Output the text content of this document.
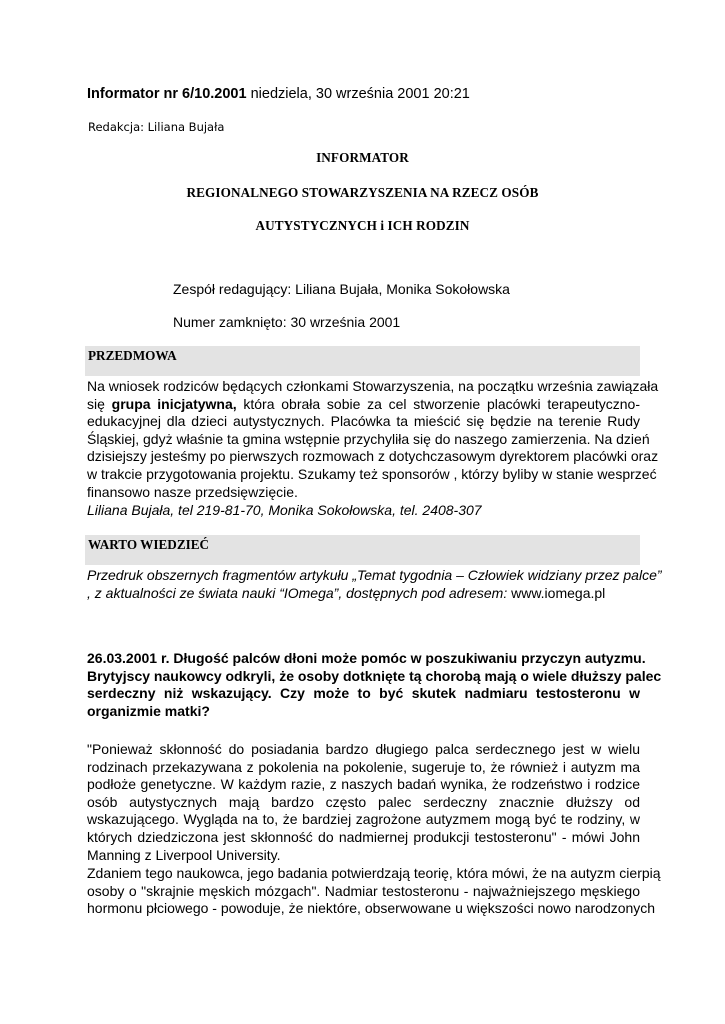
Informator nr 6/10.2001 niedziela, 30 września 2001 20:21
Redakcja: Liliana Bujała
INFORMATOR
REGIONALNEGO STOWARZYSZENIA NA RZECZ OSÓB
AUTYSTYCZNYCH i ICH RODZIN
Zespół redagujący: Liliana Bujała, Monika Sokołowska
Numer zamknięto: 30 września 2001
PRZEDMOWA
Na wniosek rodziców będących członkami Stowarzyszenia, na początku września zawiązała
się grupa inicjatywna, która obrała sobie za cel stworzenie placówki terapeutyczno-
edukacyjnej dla dzieci autystycznych. Placówka ta mieścić się będzie na terenie Rudy
Śląskiej, gdyż właśnie ta gmina wstępnie przychyliła się do naszego zamierzenia. Na dzień
dzisiejszy jesteśmy po pierwszych rozmowach z dotychczasowym dyrektorem placówki oraz
w trakcie przygotowania projektu. Szukamy też sponsorów , którzy byliby w stanie wesprzeć
finansowo nasze przedsięwzięcie.
Liliana Bujała, tel 219-81-70, Monika Sokołowska, tel. 2408-307
WARTO WIEDZIEĆ
Przedruk obszernych fragmentów artykułu „Temat tygodnia – Człowiek widziany przez palce”
, z aktualności ze świata nauki “IOmega”, dostępnych pod adresem: www.iomega.pl
26.03.2001 r. Długość palców dłoni może pomóc w poszukiwaniu przyczyn autyzmu.
Brytyjscy naukowcy odkryli, że osoby dotknięte tą chorobą mają o wiele dłuższy palec
serdeczny niż wskazujący. Czy może to być skutek nadmiaru testosteronu w
organizmie matki?
"Ponieważ skłonność do posiadania bardzo długiego palca serdecznego jest w wielu
rodzinach przekazywana z pokolenia na pokolenie, sugeruje to, że również i autyzm ma
podłoże genetyczne. W każdym razie, z naszych badań wynika, że rodzeństwo i rodzice
osób autystycznych mają bardzo często palec serdeczny znacznie dłuższy od
wskazującego. Wygląda na to, że bardziej zagrożone autyzmem mogą być te rodziny, w
których dziedziczona jest skłonność do nadmiernej produkcji testosteronu" - mówi John
Manning z Liverpool University.
Zdaniem tego naukowca, jego badania potwierdzają teorię, która mówi, że na autyzm cierpią
osoby o "skrajnie męskich mózgach". Nadmiar testosteronu - najważniejszego męskiego
hormonu płciowego - powoduje, że niektóre, obserwowane u większości nowo narodzonych
